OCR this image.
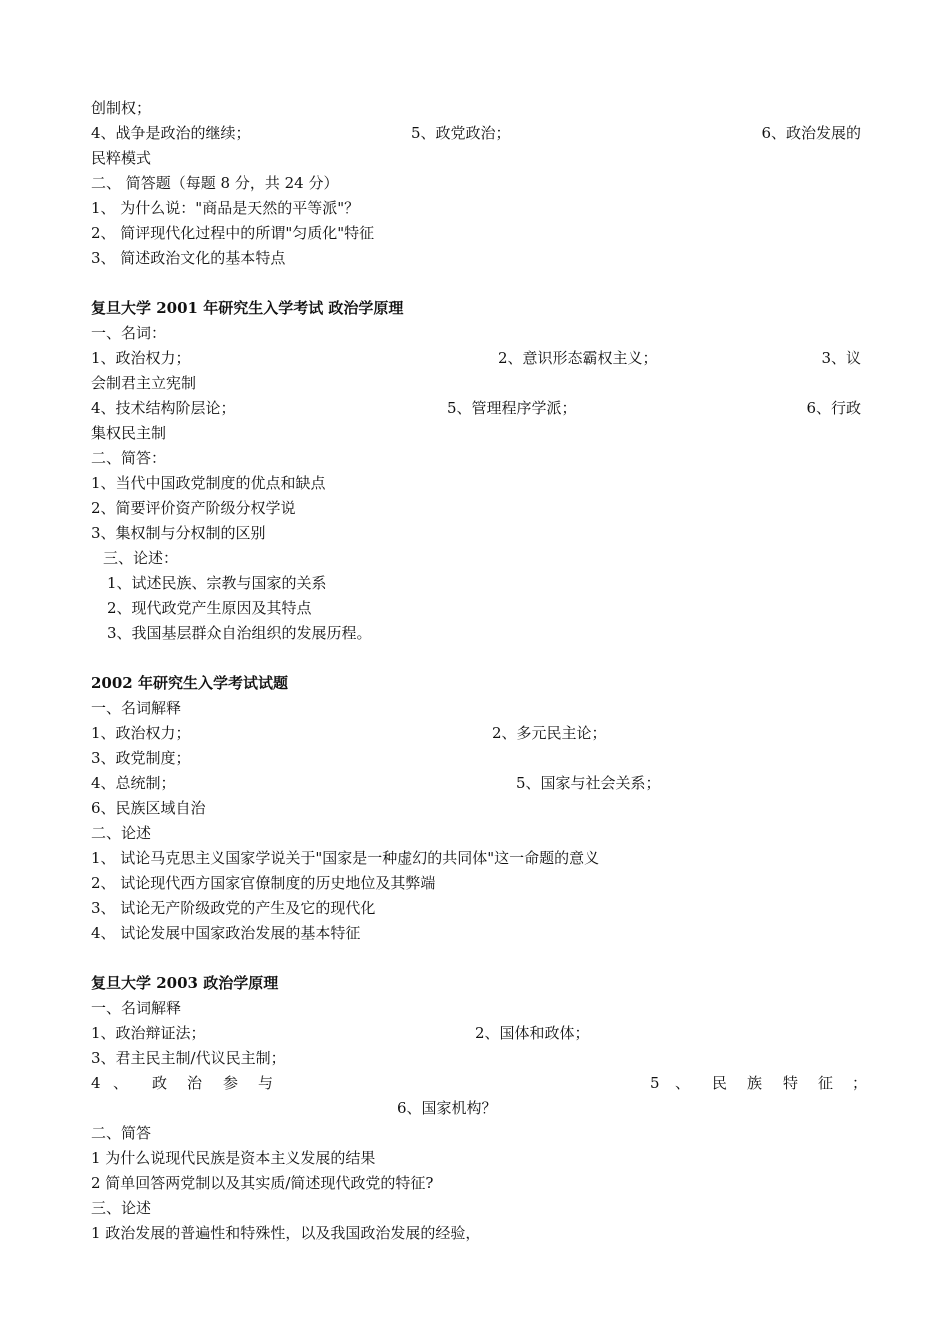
创制权；
4、战争是政治的继续；	5、政党政治；	6、政治发展的
民粹模式
二、 简答题（每题 8 分，共 24 分）
1、 为什么说："商品是天然的平等派"？
2、 简评现代化过程中的所谓"匀质化"特征
3、 简述政治文化的基本特点
复旦大学 2001 年研究生入学考试 政治学原理
一、名词：
1、政治权力；	2、意识形态霸权主义；	3、议
会制君主立宪制
4、技术结构阶层论；	5、管理程序学派；	6、行政
集权民主制
二、简答：
1、当代中国政党制度的优点和缺点
2、简要评价资产阶级分权学说
3、集权制与分权制的区别
三、论述：
1、试述民族、宗教与国家的关系
2、现代政党产生原因及其特点
3、我国基层群众自治组织的发展历程。
2002 年研究生入学考试试题
一、名词解释
1、政治权力；	2、多元民主论；
3、政党制度；
4、总统制；	5、国家与社会关系；
6、民族区域自治
二、论述
1、 试论马克思主义国家学说关于"国家是一种虚幻的共同体"这一命题的意义
2、 试论现代西方国家官僚制度的历史地位及其弊端
3、 试论无产阶级政党的产生及它的现代化
4、 试论发展中国家政治发展的基本特征
复旦大学 2003 政治学原理
一、名词解释
1、政治辩证法；	2、国体和政体；
3、君主民主制/代议民主制；
4 、 政 治 参 与	5 、 民 族 特 征 ；
6、国家机构？
二、简答
1 为什么说现代民族是资本主义发展的结果
2 简单回答两党制以及其实质/简述现代政党的特征?
三、论述
1 政治发展的普遍性和特殊性，以及我国政治发展的经验，
